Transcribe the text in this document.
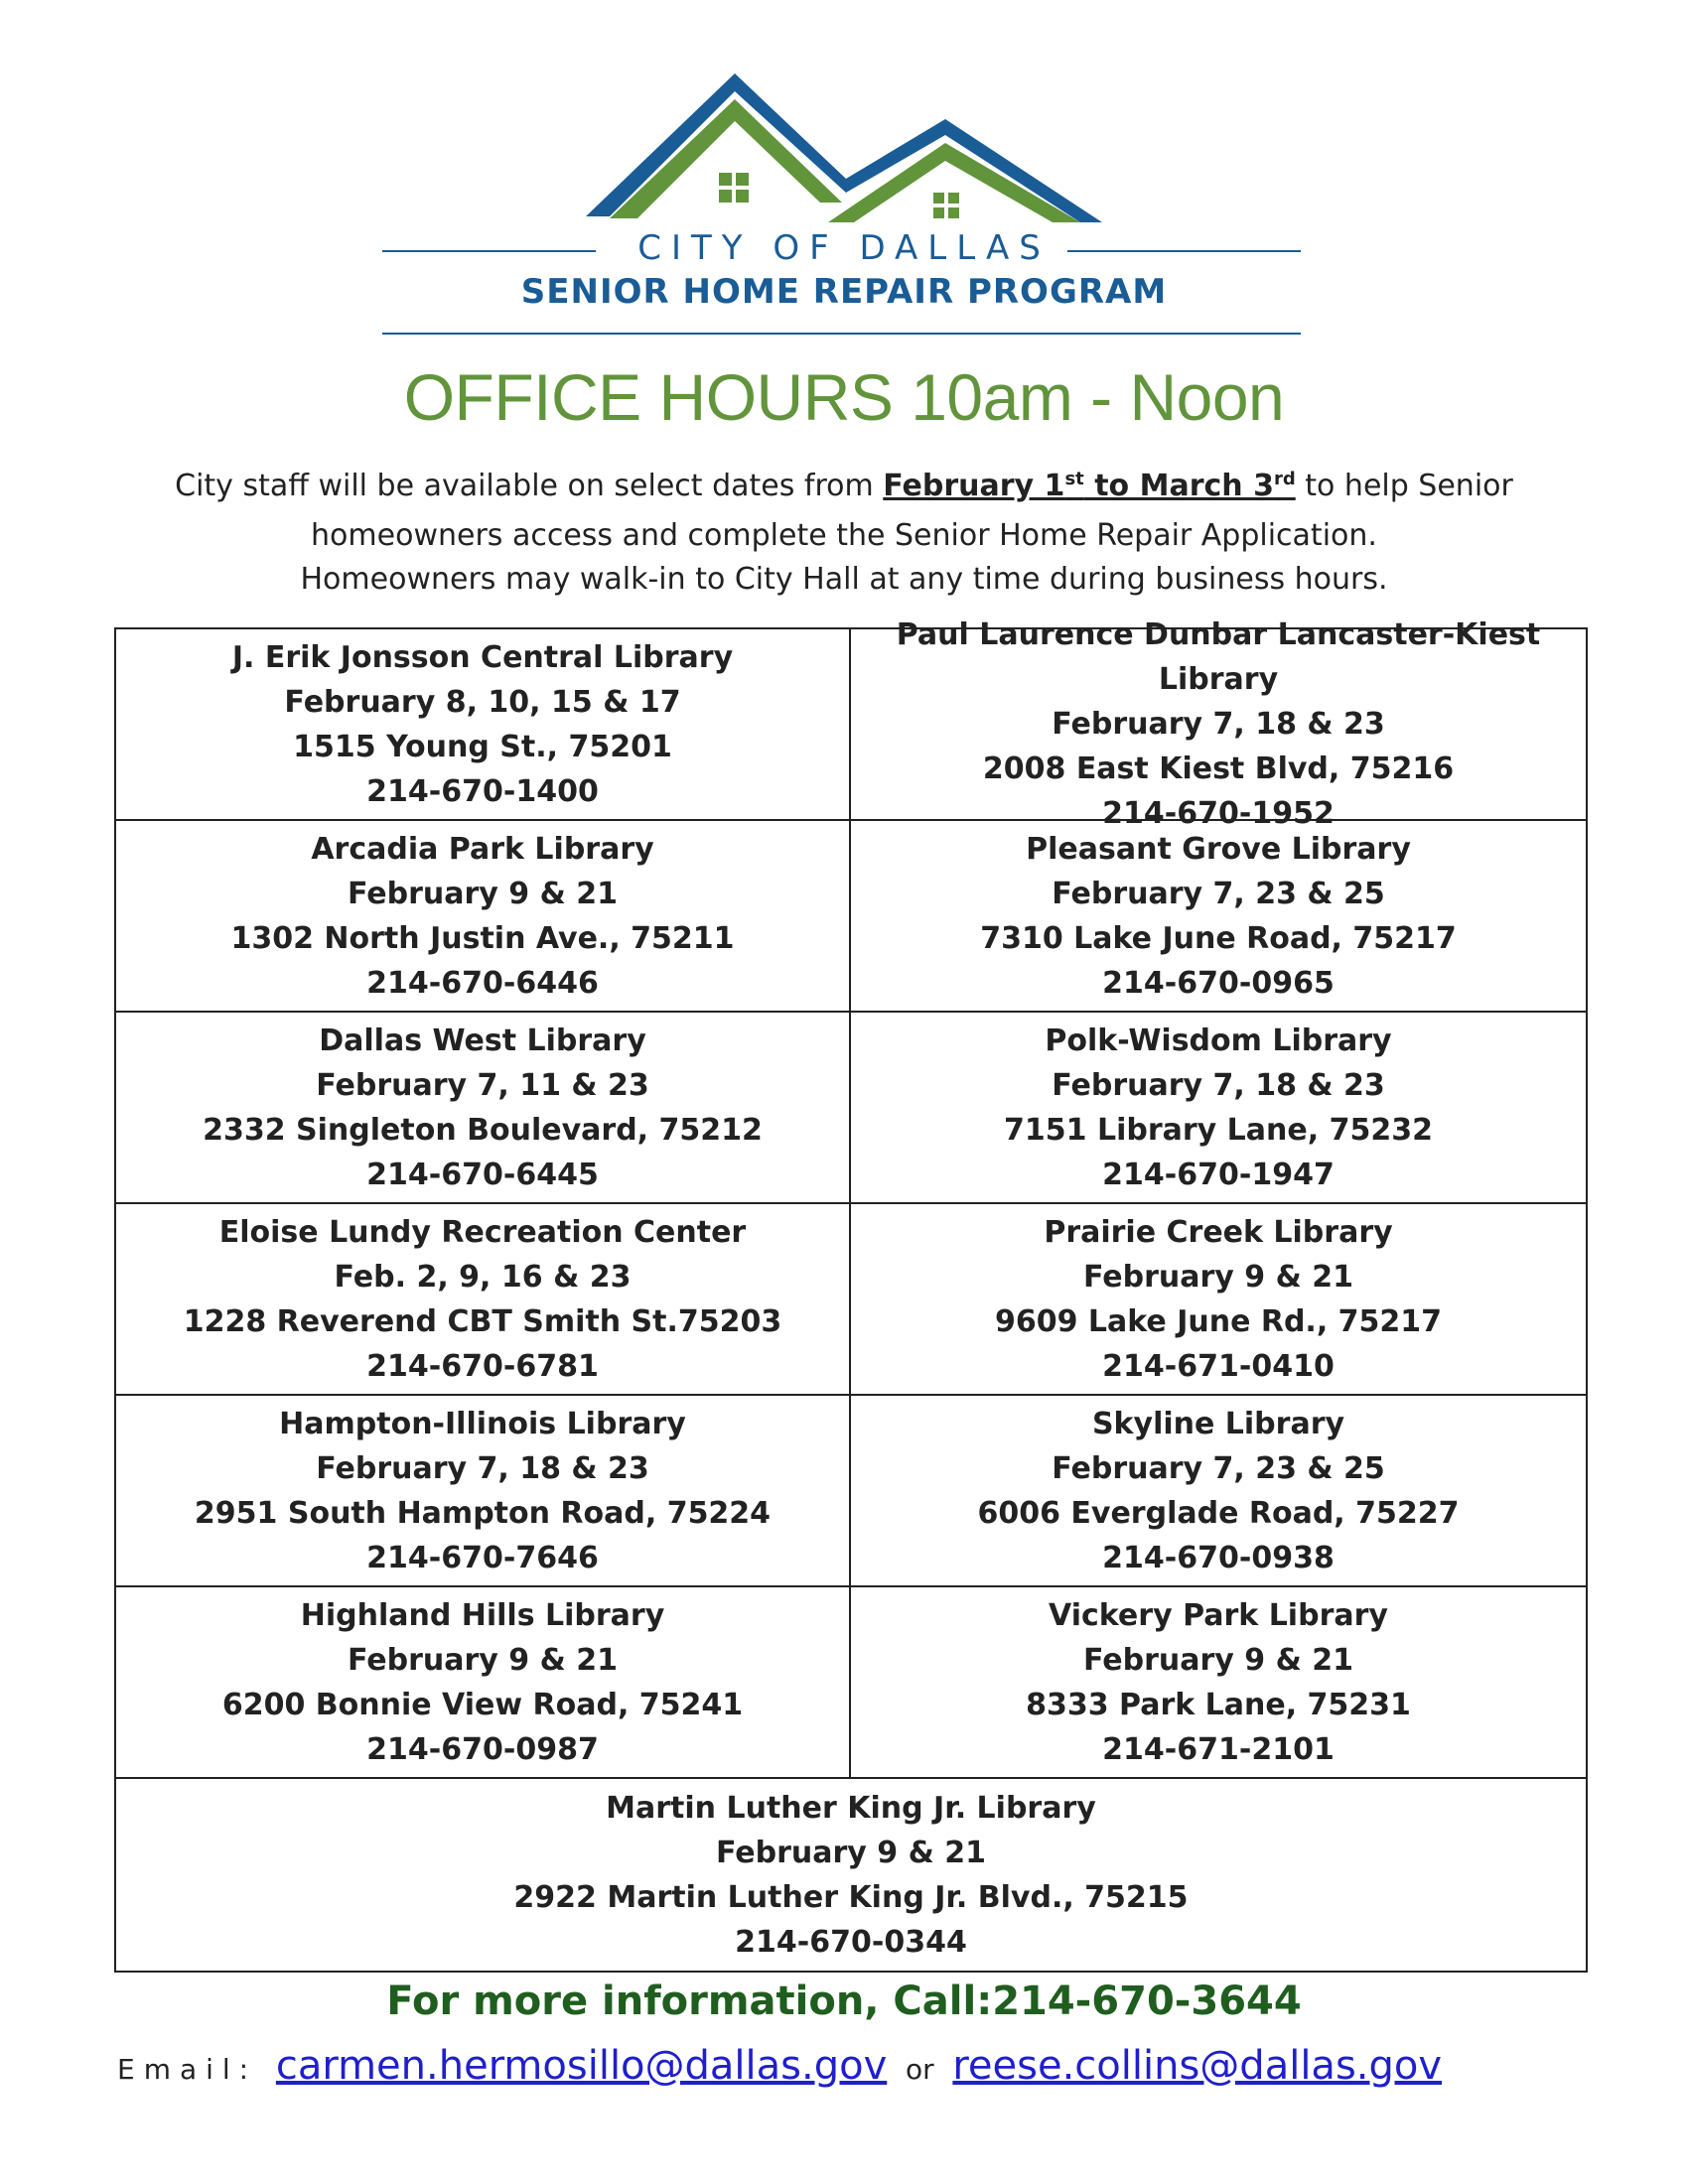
CITY OF DALLAS
SENIOR HOME REPAIR PROGRAM
OFFICE HOURS 10am - Noon
City staff will be available on select dates from February 1st to March 3rd to help Senior
homeowners access and complete the Senior Home Repair Application.
Homeowners may walk-in to City Hall at any time during business hours.
J. Erik Jonsson Central Library
February 8, 10, 15 & 17
1515 Young St., 75201
214-670-1400
Paul Laurence Dunbar Lancaster-Kiest Library
February 7, 18 & 23
2008 East Kiest Blvd, 75216
214-670-1952
Arcadia Park Library
February 9 & 21
1302 North Justin Ave., 75211
214-670-6446
Pleasant Grove Library
February 7, 23 & 25
7310 Lake June Road, 75217
214-670-0965
Dallas West Library
February 7, 11 & 23
2332 Singleton Boulevard, 75212
214-670-6445
Polk-Wisdom Library
February 7, 18 & 23
7151 Library Lane, 75232
214-670-1947
Eloise Lundy Recreation Center
Feb. 2, 9, 16 & 23
1228 Reverend CBT Smith St.75203
214-670-6781
Prairie Creek Library
February 9 & 21
9609 Lake June Rd., 75217
214-671-0410
Hampton-Illinois Library
February 7, 18 & 23
2951 South Hampton Road, 75224
214-670-7646
Skyline Library
February 7, 23 & 25
6006 Everglade Road, 75227
214-670-0938
Highland Hills Library
February 9 & 21
6200 Bonnie View Road, 75241
214-670-0987
Vickery Park Library
February 9 & 21
8333 Park Lane, 75231
214-671-2101
Martin Luther King Jr. Library
February 9 & 21
2922 Martin Luther King Jr. Blvd., 75215
214-670-0344
For more information, Call:214-670-3644
Email: carmen.hermosillo@dallas.gov or reese.collins@dallas.gov
